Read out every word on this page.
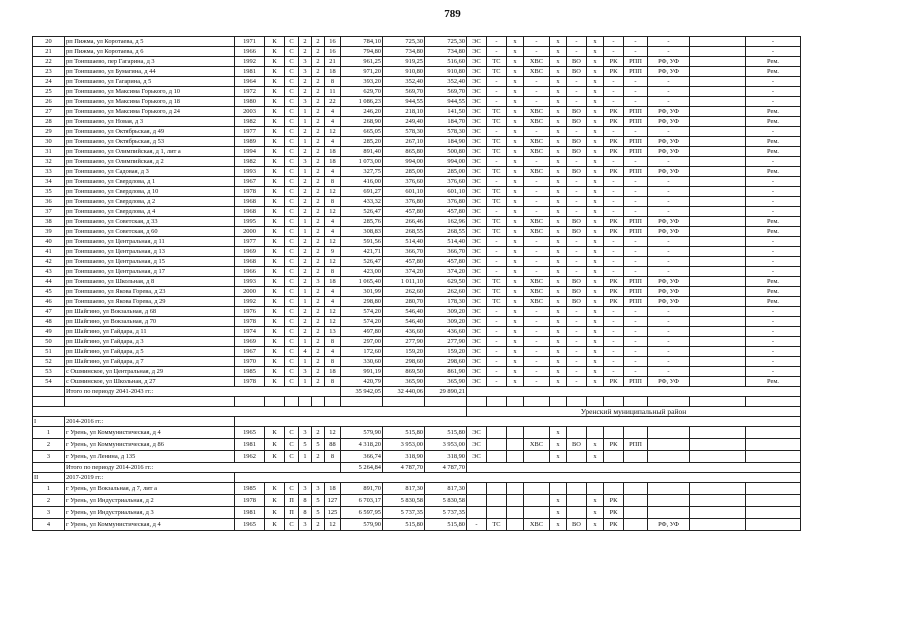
789
20	рп Пижма, ул Коротаева, д 5	1971	К	С	2	2	16	784,10	725,30	725,30	ЭС	-	х	-	х	-	х	-	-	-		-
21	рп Пижма, ул Коротаева, д 6	1966	К	С	2	2	16	794,80	734,80	734,80	ЭС	-	х	-	х	-	х	-	-	-		-
22	рп Тонпшаево, пер Гагарина, д 3	1992	К	С	3	2	21	961,25	919,25	516,60	ЭС	ТС	х	ХВС	х	ВО	х	РК	РПП	РФ, УФ		Рем.
23	рп Тонпшаево, ул Бумагина, д 44	1981	К	С	3	2	18	971,20	910,80	910,80	ЭС	ТС	х	ХВС	х	ВО	х	РК	РПП	РФ, УФ		Рем.
24	рп Тонпшаево, ул Гагарина, д 5	1964	К	С	2	2	8	393,20	352,40	352,40	ЭС	-	х	-	х	-	х	-	-	-		-
25	рп Тонпшаево, ул Максима Горького, д 10	1972	К	С	2	2	11	629,70	569,70	569,70	ЭС	-	х	-	х	-	х	-	-	-		-
26	рп Тонпшаево, ул Максима Горького, д 18	1980	К	С	3	2	22	1 086,23	944,55	944,55	ЭС	-	х	-	х	-	х	-	-	-		-
27	рп Тонпшаево, ул Максима Горького, д 24	2003	К	С	1	2	4	246,20	218,10	141,50	ЭС	ТС	х	ХВС	х	ВО	х	РК	РПП	РФ, УФ		Рем.
28	рп Тонпшаево, ул Новая, д 3	1982	К	С	1	2	4	268,90	249,40	184,70	ЭС	ТС	х	ХВС	х	ВО	х	РК	РПП	РФ, УФ		Рем.
29	рп Тонпшаево, ул Октябрьская, д 49	1977	К	С	2	2	12	665,05	578,30	578,30	ЭС	-	х	-	х	-	х	-	-	-		-
30	рп Тонпшаево, ул Октябрьская, д 53	1989	К	С	1	2	4	285,20	267,10	184,90	ЭС	ТС	х	ХВС	х	ВО	х	РК	РПП	РФ, УФ		Рем.
31	рп Тонпшаево, ул Олимпийская, д 1, лит а	1994	К	С	2	2	18	891,40	865,80	500,80	ЭС	ТС	х	ХВС	х	ВО	х	РК	РПП	РФ, УФ		Рем.
32	рп Тонпшаево, ул Олимпийская, д 2	1982	К	С	3	2	18	1 073,00	994,00	994,00	ЭС	-	х	-	х	-	х	-	-	-		-
33	рп Тонпшаево, ул Садовая, д 3	1993	К	С	1	2	4	327,75	285,00	285,00	ЭС	ТС	х	ХВС	х	ВО	х	РК	РПП	РФ, УФ		Рем.
34	рп Тонпшаево, ул Свердлова, д 1	1967	К	С	2	2	8	416,00	376,60	376,60	ЭС	-	х	-	х	-	х	-	-	-		-
35	рп Тонпшаево, ул Свердлова, д 10	1978	К	С	2	2	12	691,27	601,10	601,10	ЭС	ТС	х	-	х	-	х	-	-	-		-
36	рп Тонпшаево, ул Свердлова, д 2	1968	К	С	2	2	8	433,32	376,80	376,80	ЭС	ТС	х	-	х	-	х	-	-	-		-
37	рп Тонпшаево, ул Свердлова, д 4	1968	К	С	2	2	12	526,47	457,80	457,80	ЭС	-	х	-	х	-	х	-	-	-		-
38	рп Тонпшаево, ул Советская, д 33	1995	К	С	1	2	4	285,76	266,46	162,96	ЭС	ТС	х	ХВС	х	ВО	х	РК	РПП	РФ, УФ		Рем.
39	рп Тонпшаево, ул Советская, д 60	2000	К	С	1	2	4	308,83	268,55	268,55	ЭС	ТС	х	ХВС	х	ВО	х	РК	РПП	РФ, УФ		Рем.
40	рп Тонпшаево, ул Центральная, д 11	1977	К	С	2	2	12	591,56	514,40	514,40	ЭС	-	х	-	х	-	х	-	-	-		-
41	рп Тонпшаево, ул Центральная, д 13	1969	К	С	2	2	9	421,71	366,70	366,70	ЭС	-	х	-	х	-	х	-	-	-		-
42	рп Тонпшаево, ул Центральная, д 15	1968	К	С	2	2	12	526,47	457,80	457,80	ЭС	-	х	-	х	-	х	-	-	-		-
43	рп Тонпшаево, ул Центральная, д 17	1966	К	С	2	2	8	423,00	374,20	374,20	ЭС	-	х	-	х	-	х	-	-	-		-
44	рп Тонпшаево, ул Школьная, д 8	1993	К	С	2	3	18	1 065,40	1 011,10	629,50	ЭС	ТС	х	ХВС	х	ВО	х	РК	РПП	РФ, УФ		Рем.
45	рп Тонпшаево, ул Якова Горева, д 23	2000	К	С	1	2	4	301,99	262,60	262,60	ЭС	ТС	х	ХВС	х	ВО	х	РК	РПП	РФ, УФ		Рем.
46	рп Тонпшаево, ул Якова Горева, д 29	1992	К	С	1	2	4	298,80	280,70	178,30	ЭС	ТС	х	ХВС	х	ВО	х	РК	РПП	РФ, УФ		Рем.
47	рп Шайгино, ул Вокзальная, д 68	1976	К	С	2	2	12	574,20	546,40	309,20	ЭС	-	х	-	х	-	х	-	-	-		-
48	рп Шайгино, ул Вокзальная, д 70	1978	К	С	2	2	12	574,20	546,40	309,20	ЭС	-	х	-	х	-	х	-	-	-		-
49	рп Шайгино, ул Гайдара, д 11	1974	К	С	2	2	13	497,80	436,60	436,60	ЭС	-	х	-	х	-	х	-	-	-		-
50	рп Шайгино, ул Гайдара, д 3	1969	К	С	1	2	8	297,00	277,90	277,90	ЭС	-	х	-	х	-	х	-	-	-		-
51	рп Шайгино, ул Гайдара, д 5	1967	К	С	4	2	4	172,60	159,20	159,20	ЭС	-	х	-	х	-	х	-	-	-		-
52	рп Шайгино, ул Гайдара, д 7	1970	К	С	1	2	8	330,60	298,60	298,60	ЭС	-	х	-	х	-	х	-	-	-		-
53	с Ошминское, ул Центральная, д 29	1985	К	С	3	2	18	991,19	869,50	861,90	ЭС	-	х	-	х	-	х	-	-	-		-
54	с Ошминское, ул Школьная, д 27	1978	К	С	1	2	8	420,79	365,90	365,90	ЭС	-	х	-	х	-	х	РК	РПП	РФ, УФ		Рем.
	Итого по периоду 2041-2043 гг.:							35 942,05	32 440,06	29 890,21												

											Уренский муниципальный район											
I	2014-2016 гг.:																					
1	г Урень, ул Коммунистическая, д 4	1965	К	С	3	2	12	579,90	515,80	515,80	ЭС				х							
2	г Урень, ул Коммунистическая, д 86	1981	К	С	5	5	88	4 318,20	3 953,00	3 953,00	ЭС			ХВС	х	ВО	х	РК	РПП			
3	г Урень, ул Ленина, д 135	1962	К	С	1	2	8	366,74	318,90	318,90	ЭС				х		х					
	Итого по периоду 2014-2016 гг.:							5 264,84	4 787,70	4 787,70												
II	2017-2019 гг.:																					
1	г Урень, ул Вокзальная, д 7, лит а	1985	К	С	3	3	18	891,70	817,30	817,30												
2	г Урень, ул Индустриальная, д 2	1978	К	П	8	5	127	6 703,17	5 830,58	5 830,58					х		х	РК				
3	г Урень, ул Индустриальная, д 3	1981	К	П	8	5	125	6 597,95	5 737,35	5 737,35					х		х	РК				
4	г Урень, ул Коммунистическая, д 4	1965	К	С	3	2	12	579,90	515,80	515,80	-	ТС		ХВС	х	ВО	х	РК		РФ, УФ		
